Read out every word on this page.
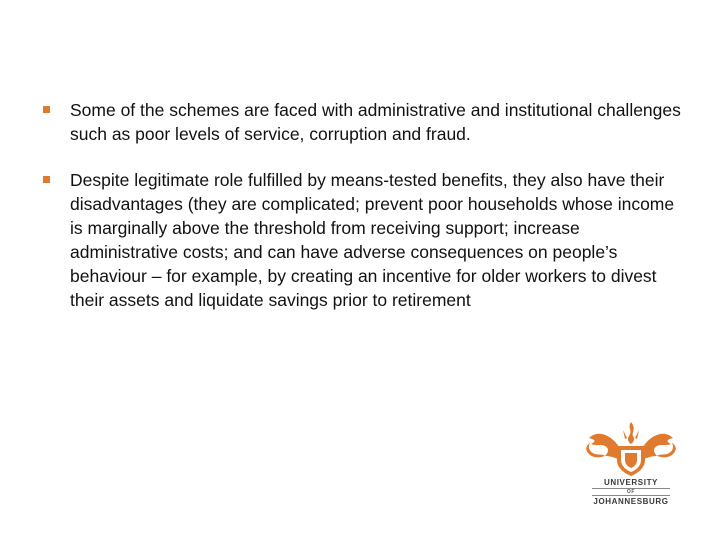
Some of the schemes are faced with administrative and institutional challenges such as poor levels of service, corruption and fraud.
Despite legitimate role fulfilled by means-tested benefits, they also have their disadvantages (they are complicated; prevent poor households whose income is marginally above the threshold from receiving support; increase administrative costs; and can have adverse consequences on people’s behaviour – for example, by creating an incentive for older workers to divest their assets and liquidate savings prior to retirement
UNIVERSITY
OF
JOHANNESBURG
